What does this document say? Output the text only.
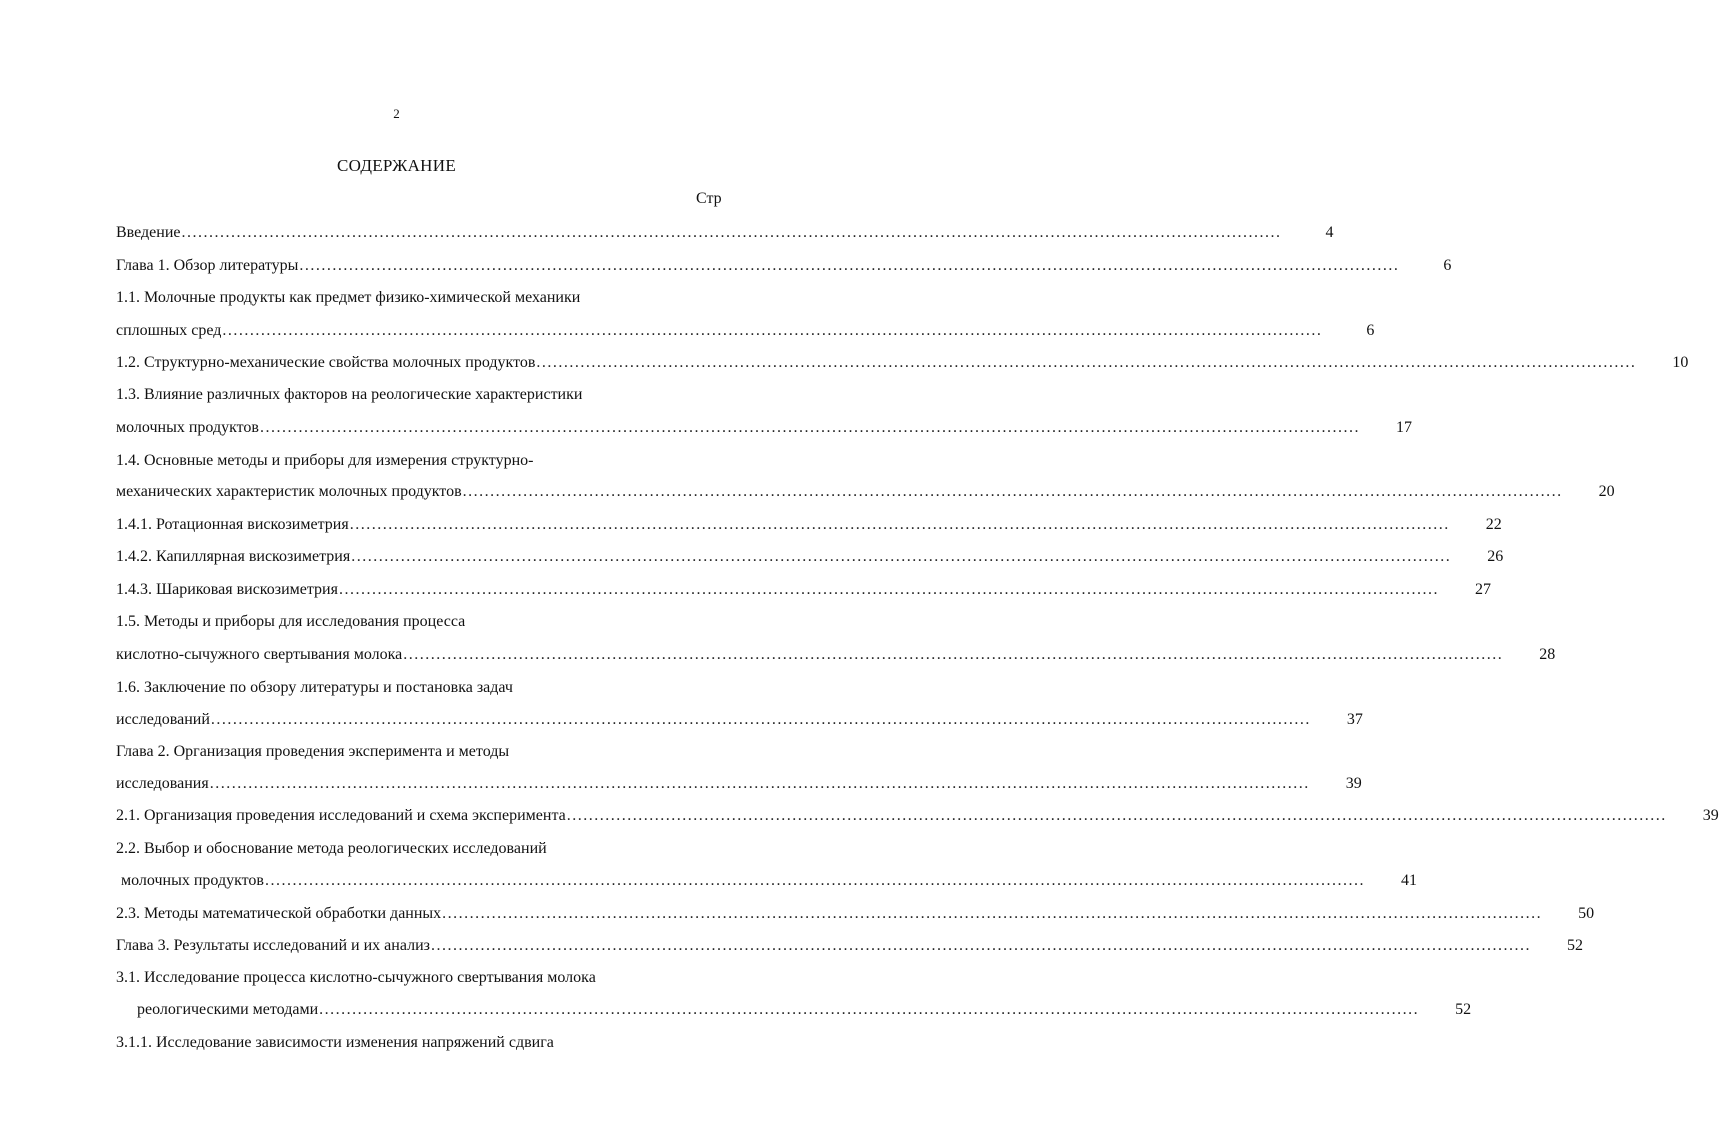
2
СОДЕРЖАНИЕ
Стр
Введение ........................................................................................................................................................................................................	4
Глава 1. Обзор литературы ........................................................................................................................................................................................................	6
1.1. Молочные продукты как предмет физико-химической механики
сплошных сред ........................................................................................................................................................................................................	6
1.2. Структурно-механические свойства молочных продуктов ........................................................................................................................................................................................................	10
1.3. Влияние различных факторов на реологические характеристики
молочных продуктов ........................................................................................................................................................................................................	17
1.4. Основные методы и приборы для измерения структурно-
механических характеристик молочных продуктов ........................................................................................................................................................................................................	20
1.4.1. Ротационная вискозиметрия ........................................................................................................................................................................................................	22
1.4.2. Капиллярная вискозиметрия ........................................................................................................................................................................................................	26
1.4.3. Шариковая вискозиметрия ........................................................................................................................................................................................................	27
1.5. Методы и приборы для исследования процесса
кислотно-сычужного свертывания молока ........................................................................................................................................................................................................	28
1.6. Заключение по обзору литературы и постановка задач
исследований ........................................................................................................................................................................................................	37
Глава 2. Организация проведения эксперимента и методы
исследования ........................................................................................................................................................................................................	39
2.1. Организация проведения исследований и схема эксперимента ........................................................................................................................................................................................................	39
2.2. Выбор и обоснование метода реологических исследований
молочных продуктов ........................................................................................................................................................................................................	41
2.3. Методы математической обработки данных ........................................................................................................................................................................................................	50
Глава 3. Результаты исследований и их анализ ........................................................................................................................................................................................................	52
3.1. Исследование процесса кислотно-сычужного свертывания молока
реологическими методами ........................................................................................................................................................................................................	52
3.1.1. Исследование зависимости изменения напряжений сдвига
